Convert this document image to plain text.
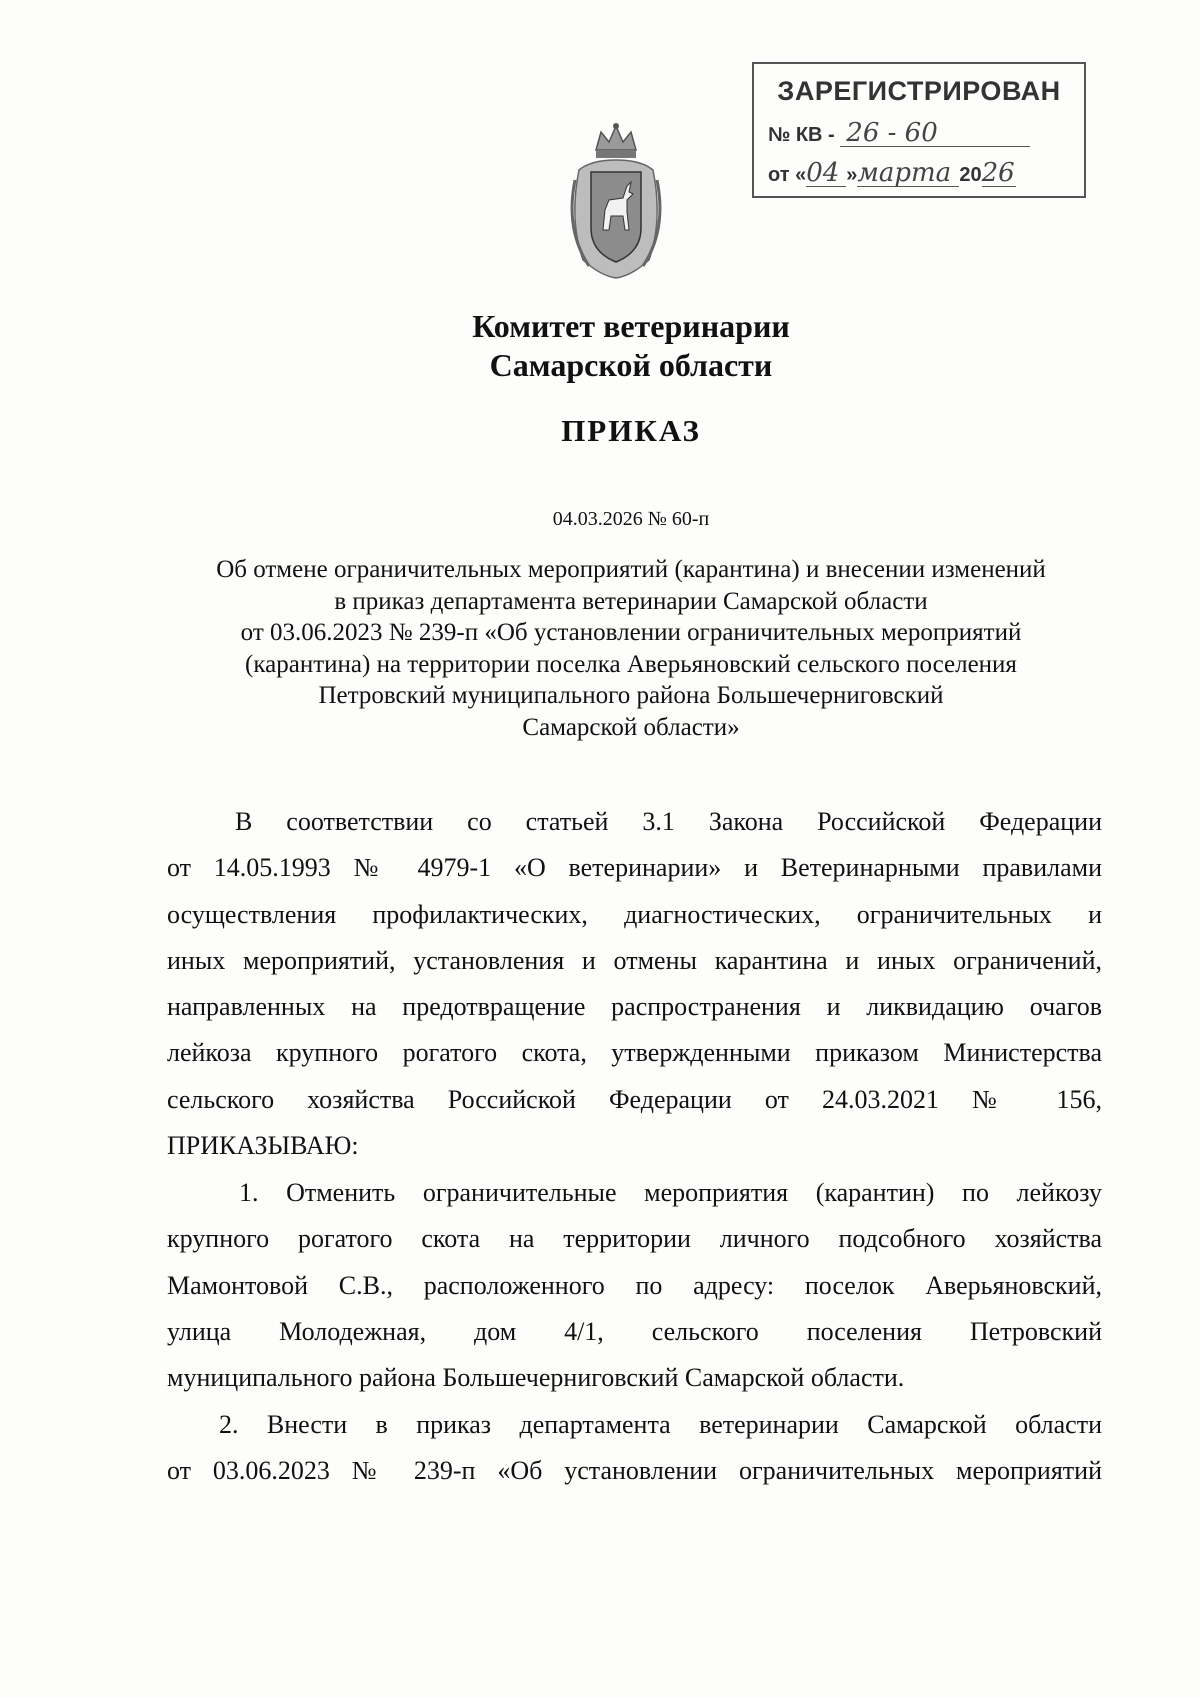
ЗАРЕГИСТРИРОВАН
№ КВ - 26 - 60
от «04 »марта 2026
Комитет ветеринарии
Самарской области
ПРИКАЗ
04.03.2026 № 60-п
Об отмене ограничительных мероприятий (карантина) и внесении изменений
в приказ департамента ветеринарии Самарской области
от 03.06.2023 № 239-п «Об установлении ограничительных мероприятий
(карантина) на территории поселка Аверьяновский сельского поселения
Петровский муниципального района Большечерниговский
Самарской области»
В соответствии со статьей 3.1 Закона Российской Федерации
от 14.05.1993 № 4979-1 «О ветеринарии» и Ветеринарными правилами
осуществления профилактических, диагностических, ограничительных и
иных мероприятий, установления и отмены карантина и иных ограничений,
направленных на предотвращение распространения и ликвидацию очагов
лейкоза крупного рогатого скота, утвержденными приказом Министерства
сельского хозяйства Российской Федерации от 24.03.2021 № 156,
ПРИКАЗЫВАЮ:
1. Отменить ограничительные мероприятия (карантин) по лейкозу
крупного рогатого скота на территории личного подсобного хозяйства
Мамонтовой С.В., расположенного по адресу: поселок Аверьяновский,
улица Молодежная, дом 4/1, сельского поселения Петровский
муниципального района Большечерниговский Самарской области.
2. Внести в приказ департамента ветеринарии Самарской области
от 03.06.2023 № 239-п «Об установлении ограничительных мероприятий
